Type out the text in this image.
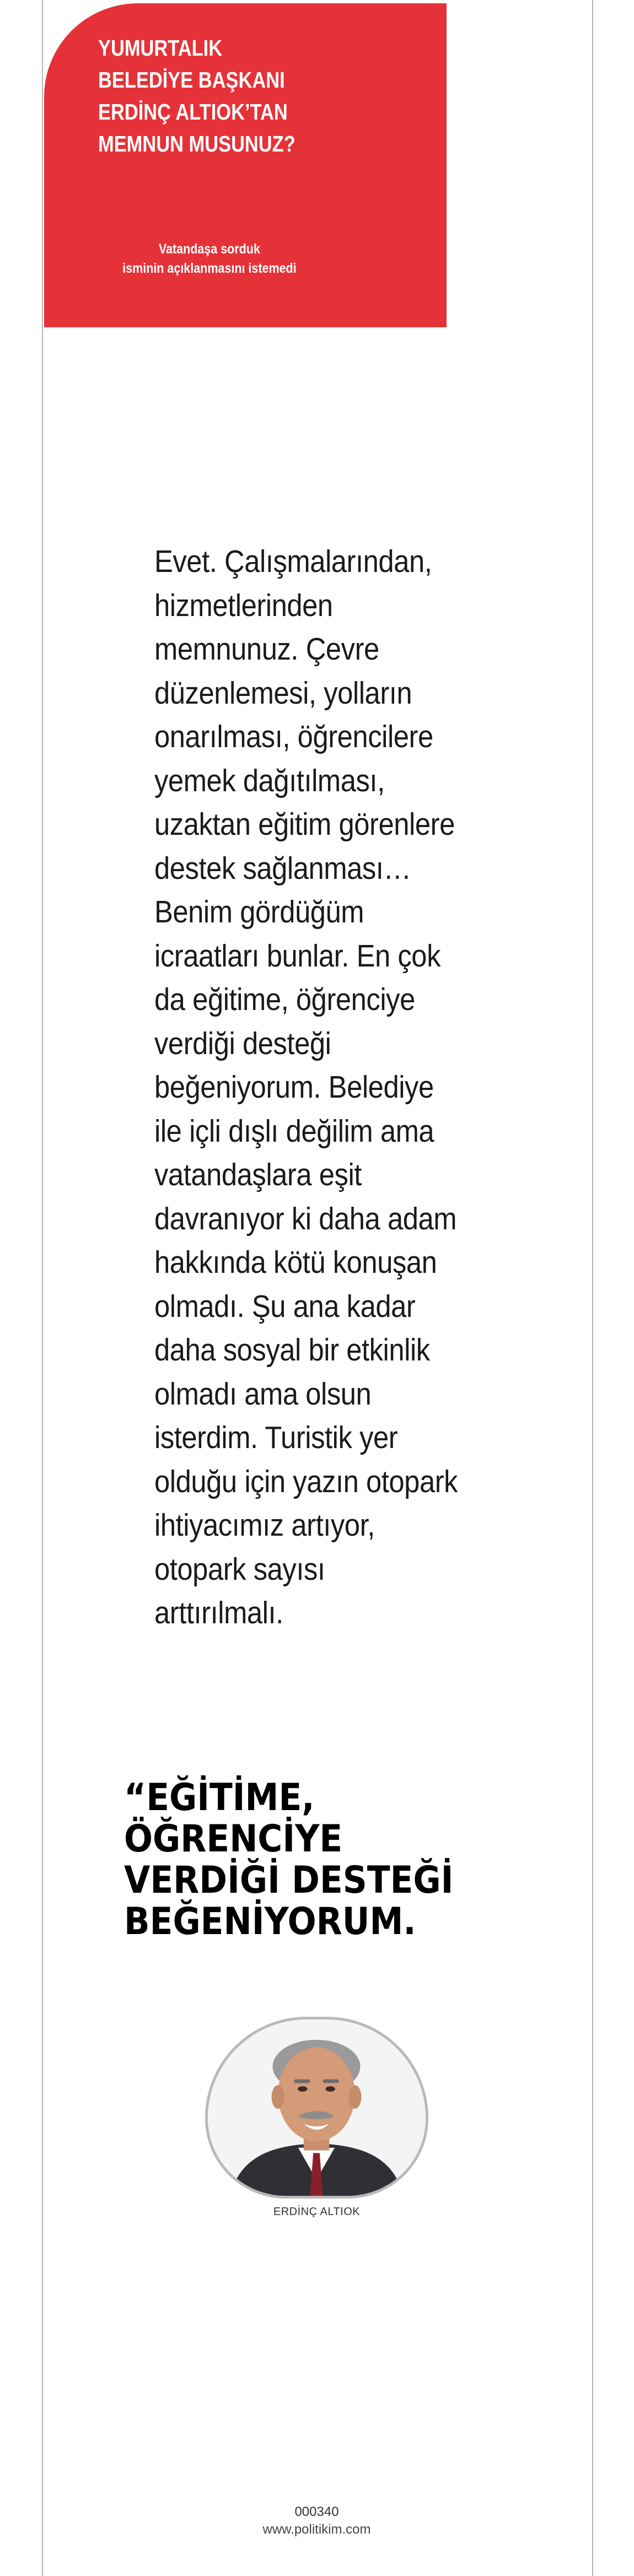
YUMURTALIK
BELEDİYE BAŞKANI
ERDİNÇ ALTIOK’TAN
MEMNUN MUSUNUZ?
Vatandaşa sorduk
isminin açıklanmasını istemedi

Evet. Çalışmalarından, hizmetlerinden memnunuz. Çevre düzenlemesi, yolların onarılması, öğrencilere yemek dağıtılması, uzaktan eğitim görenlere destek sağlanması… Benim gördüğüm icraatları bunlar. En çok da eğitime, öğrenciye verdiği desteği beğeniyorum. Belediye ile içli dışlı değilim ama vatandaşlara eşit davranıyor ki daha adam hakkında kötü konuşan olmadı. Şu ana kadar daha sosyal bir etkinlik olmadı ama olsun isterdim. Turistik yer olduğu için yazın otopark ihtiyacımız artıyor, otopark sayısı arttırılmalı.

“EĞİTİME,
ÖĞRENCİYE
VERDİĞİ DESTEĞİ
BEĞENİYORUM.
ERDİNÇ ALTIOK
000340
www.politikim.com
